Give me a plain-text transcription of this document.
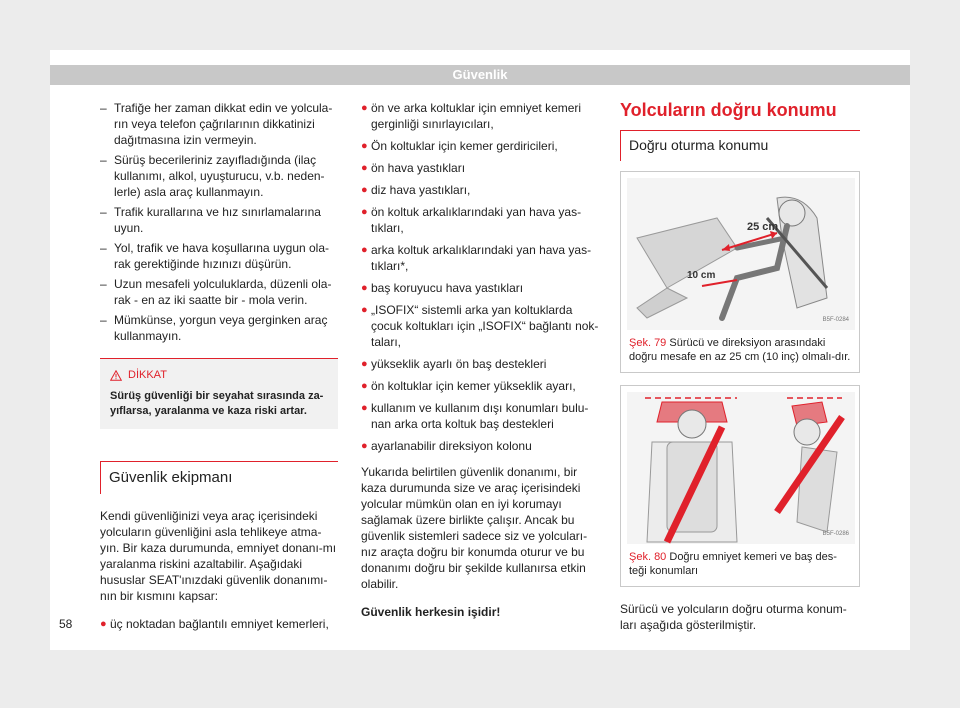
Güvenlik
– Trafiğe her zaman dikkat edin ve yolcula-rın veya telefon çağrılarının dikkatinizi dağıtmasına izin vermeyin.
– Sürüş becerileriniz zayıfladığında (ilaç kullanımı, alkol, uyuşturucu, v.b. neden-lerle) asla araç kullanmayın.
– Trafik kurallarına ve hız sınırlamalarına uyun.
– Yol, trafik ve hava koşullarına uygun ola-rak gerektiğinde hızınızı düşürün.
– Uzun mesafeli yolculuklarda, düzenli ola-rak - en az iki saatte bir - mola verin.
– Mümkünse, yorgun veya gerginken araç kullanmayın.
DİKKAT
Sürüş güvenliği bir seyahat sırasında za-yıflarsa, yaralanma ve kaza riski artar.
Güvenlik ekipmanı
Kendi güvenliğinizi veya araç içerisindeki yolcuların güvenliğini asla tehlikeye atma-yın. Bir kaza durumunda, emniyet donanı-mı yaralanma riskini azaltabilir. Aşağıdaki hususlar SEAT'ınızdaki güvenlik donanımı-nın bir kısmını kapsar:
● üç noktadan bağlantılı emniyet kemerleri,
● ön ve arka koltuklar için emniyet kemeri gerginliği sınırlayıcıları,
● Ön koltuklar için kemer gerdiricileri,
● ön hava yastıkları
● diz hava yastıkları,
● ön koltuk arkalıklarındaki yan hava yas-tıkları,
● arka koltuk arkalıklarındaki yan hava yas-tıkları*,
● baş koruyucu hava yastıkları
● „ISOFIX“ sistemli arka yan koltuklarda çocuk koltukları için „ISOFIX“ bağlantı nok-taları,
● yükseklik ayarlı ön baş destekleri
● ön koltuklar için kemer yükseklik ayarı,
● kullanım ve kullanım dışı konumları bulu-nan arka orta koltuk baş destekleri
● ayarlanabilir direksiyon kolonu
Yukarıda belirtilen güvenlik donanımı, bir kaza durumunda size ve araç içerisindeki yolcular mümkün olan en iyi korumayı sağlamak üzere birlikte çalışır. Ancak bu güvenlik sistemleri sadece siz ve yolcuları-nız araçta doğru bir konumda oturur ve bu donanımı doğru bir şekilde kullanırsa etkin olabilir.
Güvenlik herkesin işidir!
Yolcuların doğru konumu
Doğru oturma konumu
25 cm
10 cm
B5F-0284
Şek. 79 Sürücü ve direksiyon arasındaki doğru mesafe en az 25 cm (10 inç) olmalı-dır.
B5F-0286
Şek. 80 Doğru emniyet kemeri ve baş des-teği konumları
Sürücü ve yolcuların doğru oturma konum-ları aşağıda gösterilmiştir.
58
